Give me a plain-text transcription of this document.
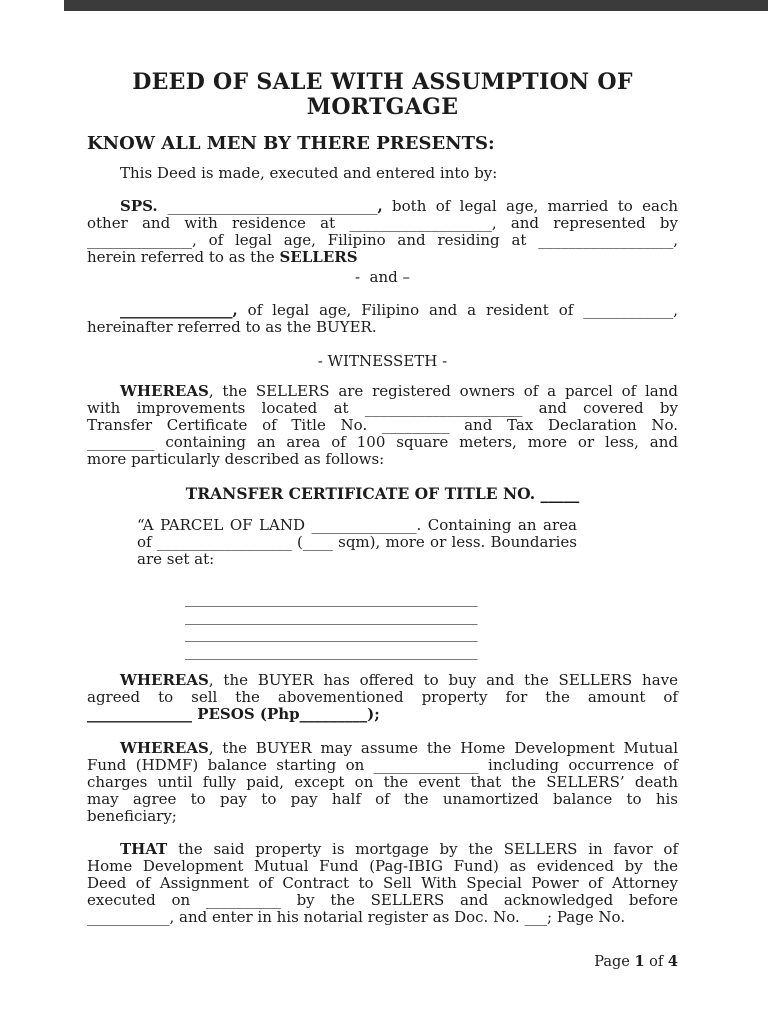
DEED OF SALE WITH ASSUMPTION OF
MORTGAGE
KNOW ALL MEN BY THERE PRESENTS:
This Deed is made, executed and entered into by:
SPS. ____________________________, both of legal age, married to each
other and with residence at ___________________, and represented by
______________, of legal age, Filipino and residing at __________________,
herein referred to as the SELLERS
-  and –
_______________, of legal age, Filipino and a resident of ____________,
hereinafter referred to as the BUYER.
- WITNESSETH -
WHEREAS, the SELLERS are registered owners of a parcel of land
with improvements located at _____________________ and covered by
Transfer Certificate of Title No. _________ and Tax Declaration No.
_________ containing an area of 100 square meters, more or less, and
more particularly described as follows:
TRANSFER CERTIFICATE OF TITLE NO. _____
“A PARCEL OF LAND ______________. Containing an area
of __________________ (____ sqm), more or less. Boundaries
are set at:
_______________________________________
_______________________________________
_______________________________________
_______________________________________
WHEREAS, the BUYER has offered to buy and the SELLERS have
agreed to sell the abovementioned property for the amount of
______________ PESOS (Php_________);
WHEREAS, the BUYER may assume the Home Development Mutual
Fund (HDMF) balance starting on ______________ including occurrence of
charges until fully paid, except on the event that the SELLERS’ death
may agree to pay to pay half of the unamortized balance to his
beneficiary;
THAT the said property is mortgage by the SELLERS in favor of
Home Development Mutual Fund (Pag-IBIG Fund) as evidenced by the
Deed of Assignment of Contract to Sell With Special Power of Attorney
executed on __________ by the SELLERS and acknowledged before
___________, and enter in his notarial register as Doc. No. ___; Page No.
Page 1 of 4
